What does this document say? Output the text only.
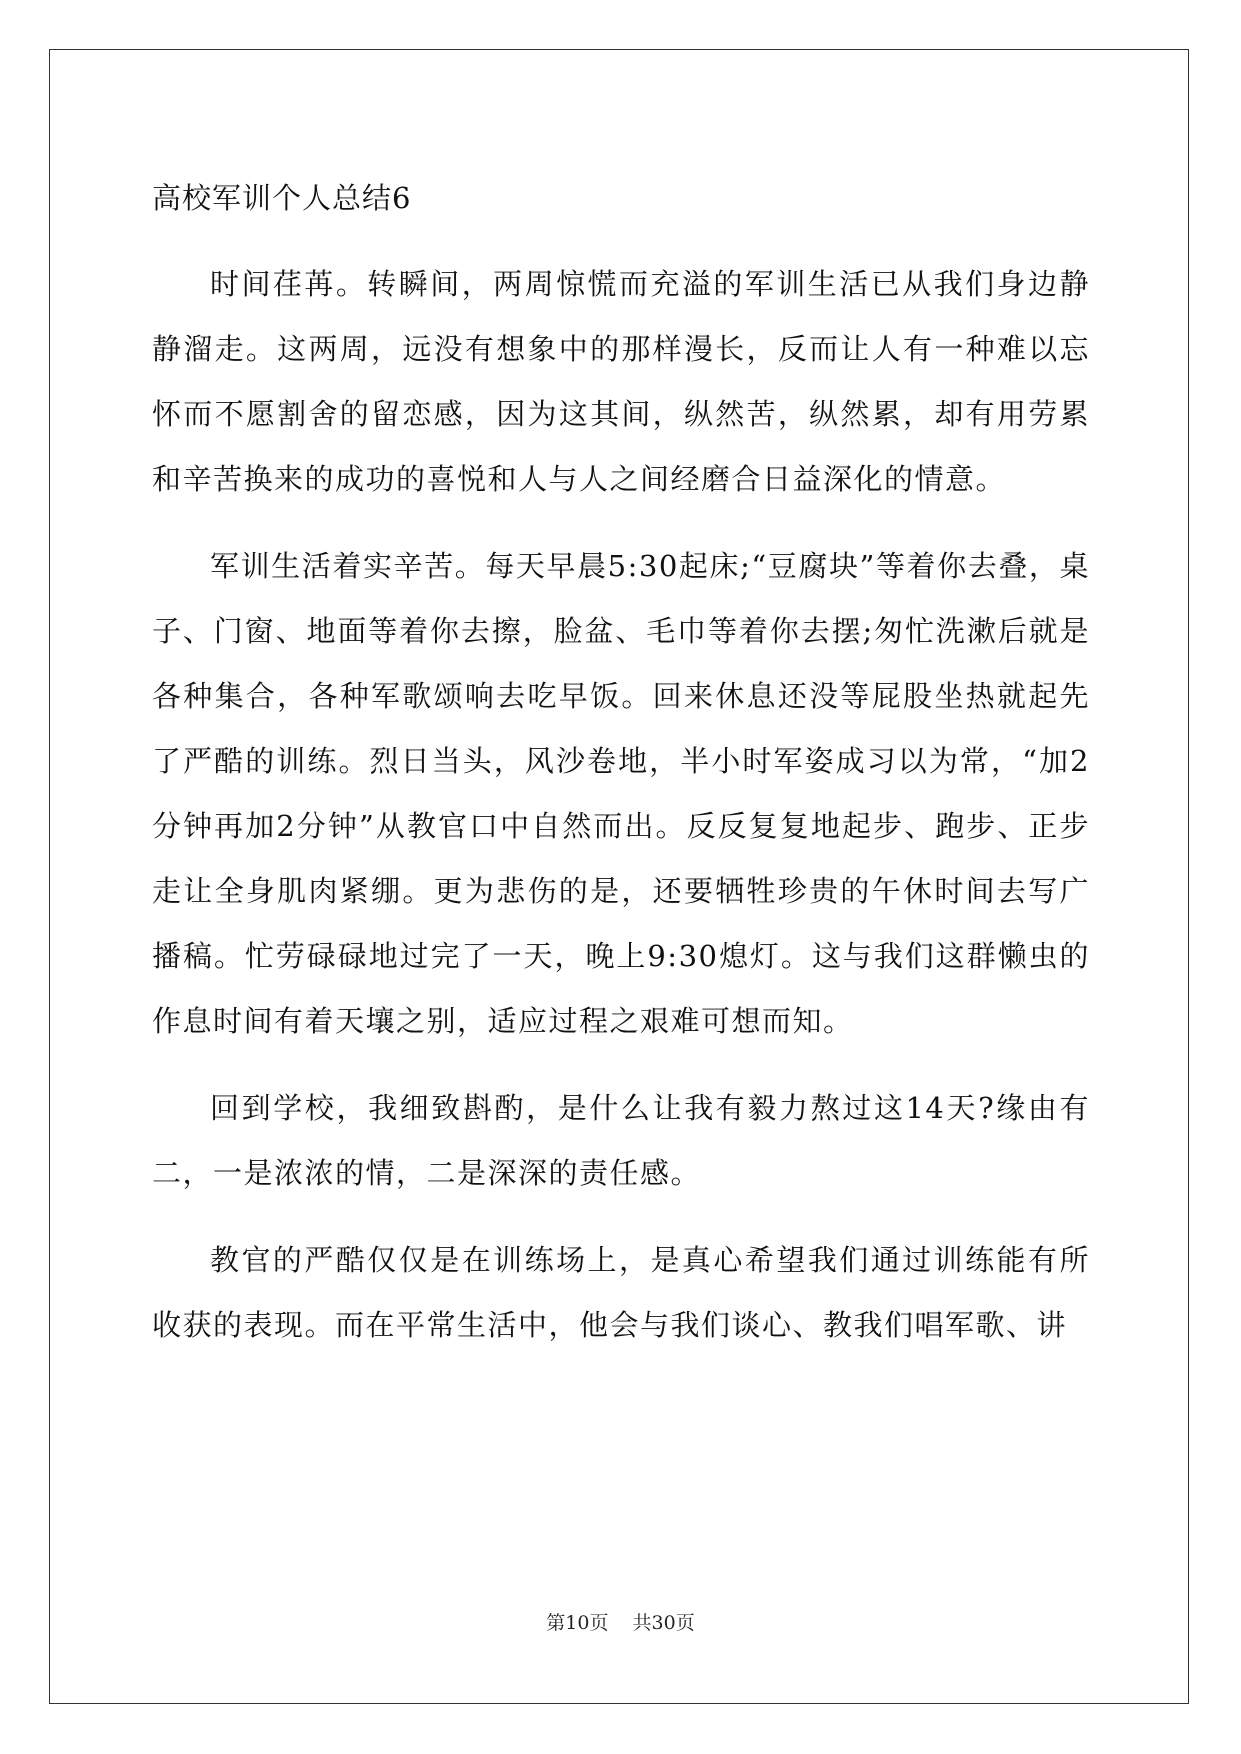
高校军训个人总结6

时间荏苒。转瞬间，两周惊慌而充溢的军训生活已从我们身边静静溜走。这两周，远没有想象中的那样漫长，反而让人有一种难以忘怀而不愿割舍的留恋感，因为这其间，纵然苦，纵然累，却有用劳累和辛苦换来的成功的喜悦和人与人之间经磨合日益深化的情意。

军训生活着实辛苦。每天早晨5:30起床;“豆腐块”等着你去叠，桌子、门窗、地面等着你去擦，脸盆、毛巾等着你去摆;匆忙洗漱后就是各种集合，各种军歌颂响去吃早饭。回来休息还没等屁股坐热就起先了严酷的训练。烈日当头，风沙卷地，半小时军姿成习以为常，“加2分钟再加2分钟”从教官口中自然而出。反反复复地起步、跑步、正步走让全身肌肉紧绷。更为悲伤的是，还要牺牲珍贵的午休时间去写广播稿。忙劳碌碌地过完了一天，晚上9:30熄灯。这与我们这群懒虫的作息时间有着天壤之别，适应过程之艰难可想而知。

回到学校，我细致斟酌，是什么让我有毅力熬过这14天?缘由有二，一是浓浓的情，二是深深的责任感。

教官的严酷仅仅是在训练场上，是真心希望我们通过训练能有所收获的表现。而在平常生活中，他会与我们谈心、教我们唱军歌、讲

第10页 共30页
